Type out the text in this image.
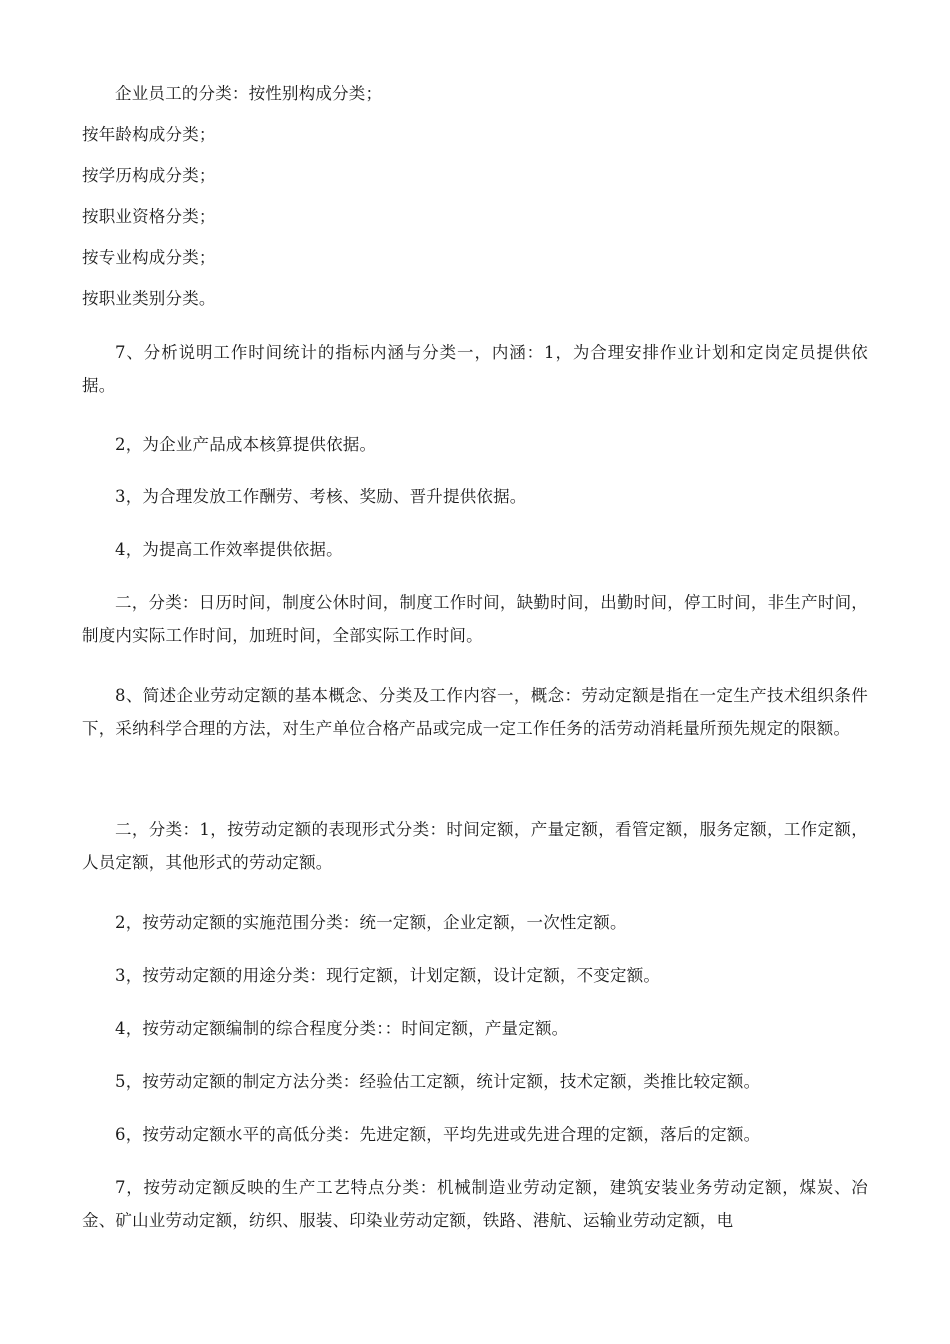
企业员工的分类：按性别构成分类；
按年龄构成分类；
按学历构成分类；
按职业资格分类；
按专业构成分类；
按职业类别分类。
7、分析说明工作时间统计的指标内涵与分类一，内涵：1，为合理安排作业计划和定岗定员提供依据。
2，为企业产品成本核算提供依据。
3，为合理发放工作酬劳、考核、奖励、晋升提供依据。
4，为提高工作效率提供依据。
二，分类：日历时间，制度公休时间，制度工作时间，缺勤时间，出勤时间，停工时间，非生产时间，制度内实际工作时间，加班时间，全部实际工作时间。
8、简述企业劳动定额的基本概念、分类及工作内容一，概念：劳动定额是指在一定生产技术组织条件下，采纳科学合理的方法，对生产单位合格产品或完成一定工作任务的活劳动消耗量所预先规定的限额。
二，分类：1，按劳动定额的表现形式分类：时间定额，产量定额，看管定额，服务定额，工作定额，人员定额，其他形式的劳动定额。
2，按劳动定额的实施范围分类：统一定额，企业定额，一次性定额。
3，按劳动定额的用途分类：现行定额，计划定额，设计定额，不变定额。
4，按劳动定额编制的综合程度分类：：时间定额，产量定额。
5，按劳动定额的制定方法分类：经验估工定额，统计定额，技术定额，类推比较定额。
6，按劳动定额水平的高低分类：先进定额，平均先进或先进合理的定额，落后的定额。
7，按劳动定额反映的生产工艺特点分类：机械制造业劳动定额，建筑安装业务劳动定额，煤炭、冶金、矿山业劳动定额，纺织、服装、印染业劳动定额，铁路、港航、运输业劳动定额，电
